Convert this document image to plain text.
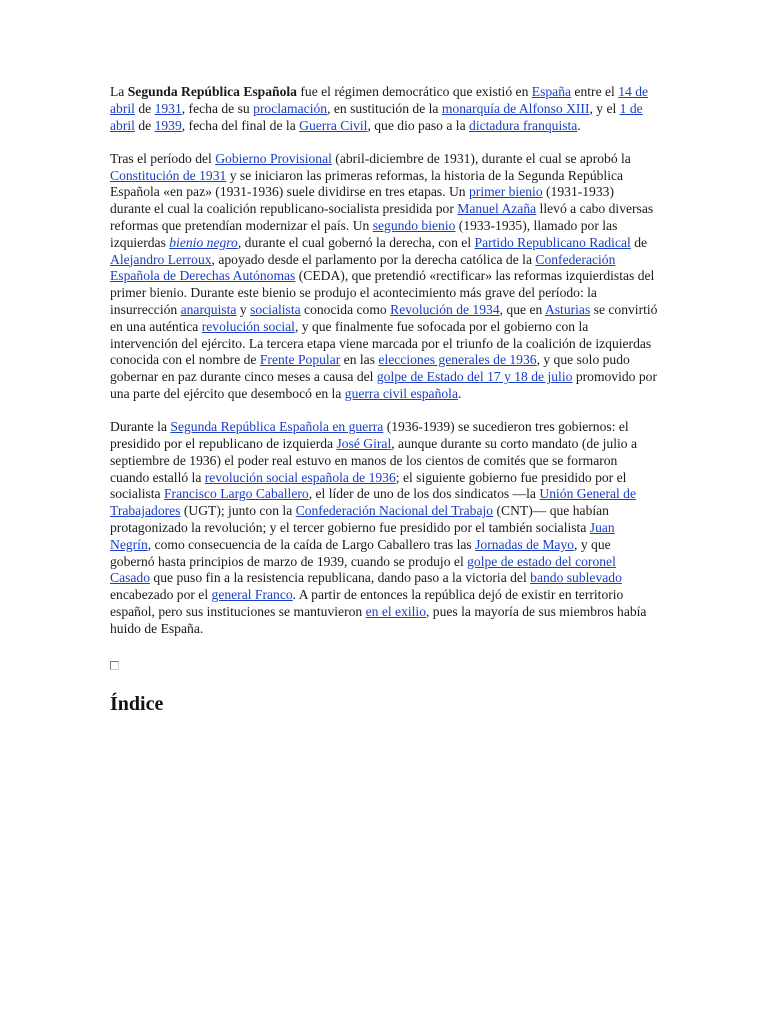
La Segunda República Española fue el régimen democrático que existió en España entre el 14 de abril de 1931, fecha de su proclamación, en sustitución de la monarquía de Alfonso XIII, y el 1 de abril de 1939, fecha del final de la Guerra Civil, que dio paso a la dictadura franquista.

Tras el período del Gobierno Provisional (abril-diciembre de 1931), durante el cual se aprobó la Constitución de 1931 y se iniciaron las primeras reformas, la historia de la Segunda República Española «en paz» (1931-1936) suele dividirse en tres etapas. Un primer bienio (1931-1933) durante el cual la coalición republicano-socialista presidida por Manuel Azaña llevó a cabo diversas reformas que pretendían modernizar el país. Un segundo bienio (1933-1935), llamado por las izquierdas bienio negro, durante el cual gobernó la derecha, con el Partido Republicano Radical de Alejandro Lerroux, apoyado desde el parlamento por la derecha católica de la Confederación Española de Derechas Autónomas (CEDA), que pretendió «rectificar» las reformas izquierdistas del primer bienio. Durante este bienio se produjo el acontecimiento más grave del período: la insurrección anarquista y socialista conocida como Revolución de 1934, que en Asturias se convirtió en una auténtica revolución social, y que finalmente fue sofocada por el gobierno con la intervención del ejército. La tercera etapa viene marcada por el triunfo de la coalición de izquierdas conocida con el nombre de Frente Popular en las elecciones generales de 1936, y que solo pudo gobernar en paz durante cinco meses a causa del golpe de Estado del 17 y 18 de julio promovido por una parte del ejército que desembocó en la guerra civil española.

Durante la Segunda República Española en guerra (1936-1939) se sucedieron tres gobiernos: el presidido por el republicano de izquierda José Giral, aunque durante su corto mandato (de julio a septiembre de 1936) el poder real estuvo en manos de los cientos de comités que se formaron cuando estalló la revolución social española de 1936; el siguiente gobierno fue presidido por el socialista Francisco Largo Caballero, el líder de uno de los dos sindicatos —la Unión General de Trabajadores (UGT); junto con la Confederación Nacional del Trabajo (CNT)— que habían protagonizado la revolución; y el tercer gobierno fue presidido por el también socialista Juan Negrín, como consecuencia de la caída de Largo Caballero tras las Jornadas de Mayo, y que gobernó hasta principios de marzo de 1939, cuando se produjo el golpe de estado del coronel Casado que puso fin a la resistencia republicana, dando paso a la victoria del bando sublevado encabezado por el general Franco. A partir de entonces la república dejó de existir en territorio español, pero sus instituciones se mantuvieron en el exilio, pues la mayoría de sus miembros había huido de España.

Índice
